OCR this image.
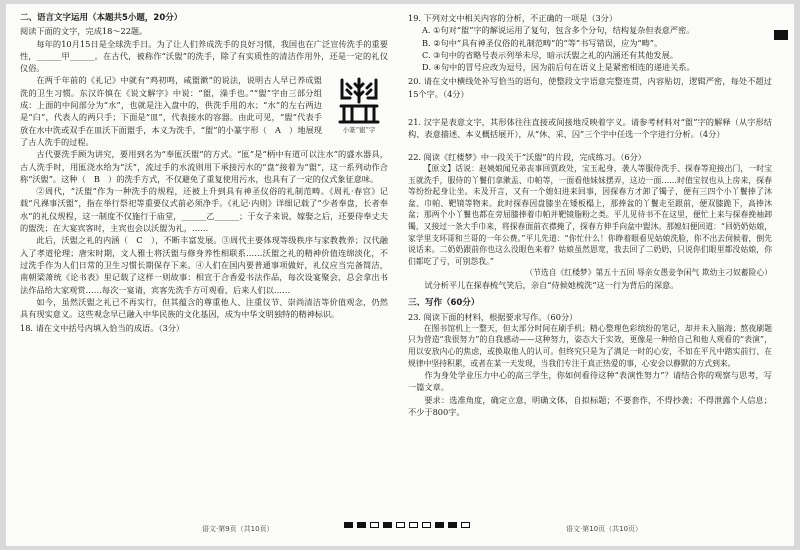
二、语言文字运用（本题共5小题，20分）

阅读下面的文字，完成18～22题。

每年的10月15日是全球洗手日。为了让人们养成洗手的良好习惯，我国也在广泛宣传洗手的重要性，______甲______。在古代，被称作“沃盥”的洗手，除了有实质性的清洁作用外，还是一定的礼仪仪俗。

小篆“盥”字

在两千年前的《礼记》中就有“鸡初鸣，咸盥漱”的说法，说明古人早已养成盥洗的卫生习惯。东汉许慎在《说文解字》中说：“盥，澡手也。”“盥”字由三部分组成：上面的中间部分为“水”，也就是注入盘中的，供洗手用的水；“水”的左右两边是“臼”，代表人的两只手；下面是“皿”，代表接水的容器。由此可见，“盥”代表手放在水中洗或双手在皿沃下面盥手，本义为洗手，“盥”的小篆字形（　A　）地展现了古人洗手的过程。

古代要洗手顾为讲究，要用到名为“奉匜沃盥”的方式。“匜”是“柄中有道可以注水”的盛水器具，古人洗手时，用匜浇水给为“沃”，流过手的水流则用下承接污水的“盘”接着为“盥”，这一系列动作合称“沃盥”。这种（　B　）的洗手方式，不仅避免了重复使用污水，也具有了一定的仪式象征意味。

②周代，“沃盥”作为一种洗手的规程，还被上升到具有神圣仪俗的礼制范畴。《周礼·春官》记载“凡祼事沃盥”，指在举行祭祀等重要仪式前必须净手。《礼记·内则》详细记载了“少者奉盘，长者奉水”的礼仪规程，这一制度不仅施行于庙堂，______乙______；于女子来说，嫁娶之后，还要侍奉丈夫的盥洗；在大宴宾客时，主宾也会以沃盥为礼，……

此后，沃盥之礼的内涵（　C　），不断丰富发展。③周代主要体现等级秩序与家教教养；汉代融入了孝道伦理；唐宋时期，文人雅士将沃盥与修身养性相联系……沃盥之礼的精神价值连绵淡化，不过洗手作为人们日常的卫生习惯长期保存下来。④人们在国内要普通事项做好，礼仪应当完备简洁，南朝梁萧统《论书表》里记载了这样一则故事：相宣于合香爱书法作品，每次设宴聚会，总会拿出书法作品给大家观赏……每次一宴请，宾客先洗手方可观看，后来人们以……

如今，虽然沃盥之礼已不再实行，但其蕴含的尊重他人、注重仪节、崇尚清洁等价值观念，仍然具有现实意义。这些观念早已融入中华民族的文化基因，成为中华文明独特的精神标识。

18. 请在文中括号内填入恰当的成语。（3分）

19. 下列对文中相关内容的分析，不正确的一项是（3分）

A. ①句对“盥”字的解说运用了复句，包含多个分句，结构复杂但表意严密。

B. ②句中“具有神圣仪俗的礼制范畴”的“等”书写错误，应为“畴”。

C. ③句中的省略号表示列举未尽，暗示沃盥之礼的内涵还有其他发展。

D. ④句中的冒号应改为逗号，因为前后句在语义上是紧密相连的递进关系。

20. 请在文中横线处补写恰当的语句，使整段文字语意完整连贯，内容贴切，逻辑严密，每处不超过15个字。（4分）

21. 汉字是表意文字，其形体往往直接或间接地反映着字义。请参考材料对“盥”字的解释（从字形结构、表意描述、本义概括展开），从“休、采、囚”三个字中任选一个字进行分析。（4分）

22. 阅读《红楼梦》中一段关于“沃盥”的片段，完成练习。（6分）

【原文】话说：赵姨娘闻兄弟丧事回贾政处，宝玉起身，袭人等服侍洗手、探春等迎接出门，一时宝玉就洗手，服侍的丫鬟们拿漱盂、巾帕等，一面看他妹妹摆弄，这边一面……时值宝钗也从上房来，探春等纷纷起身让坐。未及开言，又有一个媳妇进来回事，因探春方才卸了镯子，便有三四个小丫鬟捧了沐盆、巾帕、靶镜等物来。此时探春因盘膝坐在矮板榻上，那捧盆的丫鬟走至跟前，便双膝跪下，高捧沐盆；那两个小丫鬟也都在旁屈膝捧着巾帕并靶镜脂粉之类。平儿见待书不在这里，便忙上来与探春挽袖卸镯，又接过一条大手巾来，将探春面前衣襟掩了，探春方伸手向盆中盥沐。那媳妇便回道：“回奶奶姑娘，家学里支环哥和兰哥的一年公费。”平儿先道：“你忙什么！你睁着眼看见姑娘洗脸，你不出去伺候着，倒先说话来。二奶奶跟前你也这么没眼色来着？姑娘虽然恩宽，我去回了二奶奶，只说你们眼里都没姑娘，你们都吃了亏，可别怨我。”

（节选自《红楼梦》第五十五回 辱亲女愚妾争闲气 欺幼主刁奴蓄险心）

试分析平儿在探春梳气笑后，亲自“侍候她梳洗”这一行为背后的深意。

三、写作（60分）

23. 阅读下面的材料，根据要求写作。（60分）

在图书馆机上一整天，但太部分时间在刷手机；精心整理色彩缤纷的笔记，却并未入脑海；熬夜刷题只为营造“我很努力”的自我感动——这种努力，姿态大于实效，更像是一种给自己和他人观看的“表演”，用以安放内心的焦虑，或换取他人的认可。但终究只是为了满足一时的心安，不如在平凡中踏实前行、在规律中坚持积累，或者在某一天发现，当我们专注于真正热爱的事，心安会以静默的方式到来。

作为身处学业压力中心的高三学生，你如何看待这种“表演性努力”？请结合你的观察与思考，写一篇文章。

要求：选准角度，确定立意，明确文体，自拟标题；不要套作，不得抄袭；不得泄露个人信息；不少于800字。

语文·第9页（共10页）	语文·第10页（共10页）
